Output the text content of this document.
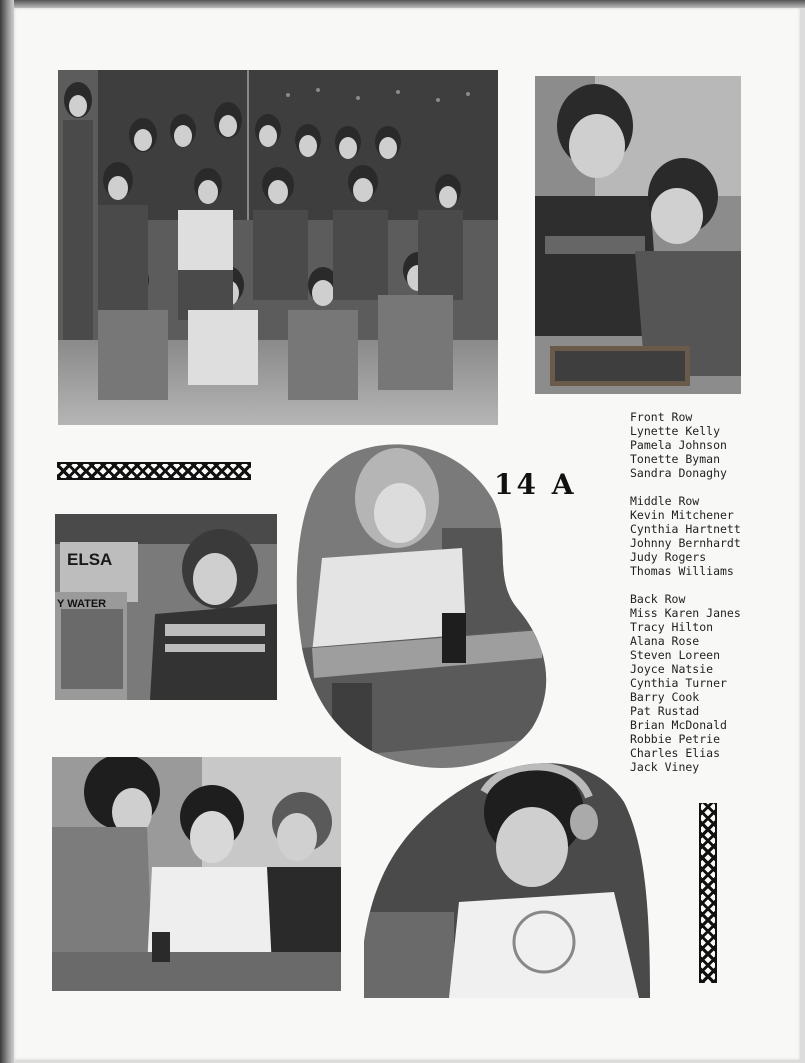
14 A
ELSA
Y WATER
Front Row
Lynette Kelly
Pamela Johnson
Tonette Byman
Sandra Donaghy
Middle Row
Kevin Mitchener
Cynthia Hartnett
Johnny Bernhardt
Judy Rogers
Thomas Williams
Back Row
Miss Karen Janes
Tracy Hilton
Alana Rose
Steven Loreen
Joyce Natsie
Cynthia Turner
Barry Cook
Pat Rustad
Brian McDonald
Robbie Petrie
Charles Elias
Jack Viney
